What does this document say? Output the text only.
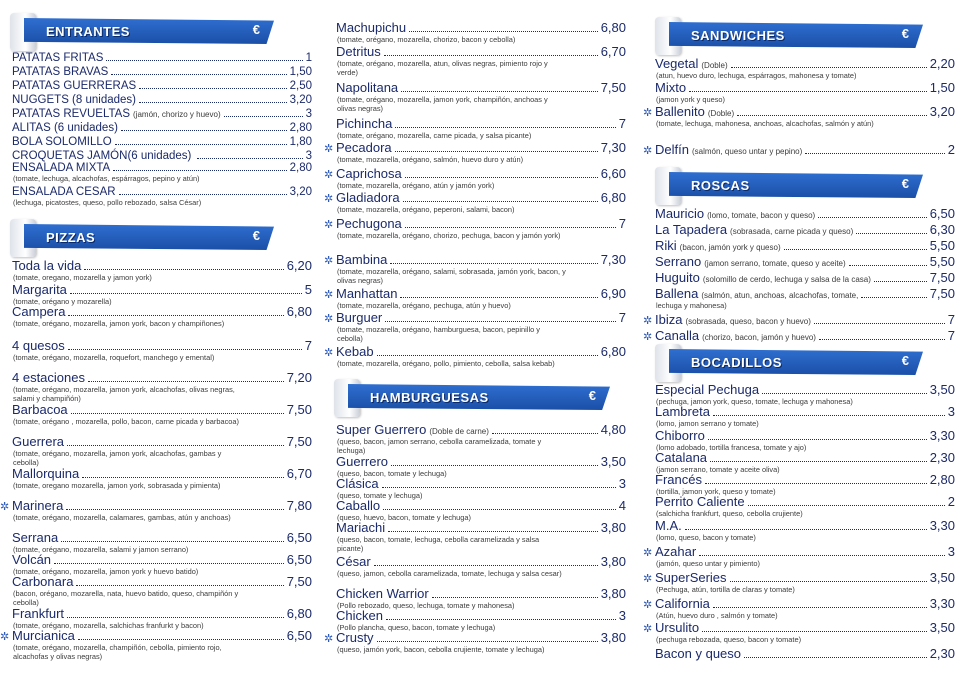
ENTRANTES	€
PATATAS FRITAS	1
PATATAS BRAVAS	1,50
PATATAS GUERRERAS	2,50
NUGGETS (8 unidades)	3,20
PATATAS REVUELTAS (jamón, chorizo y huevo)	3
ALITAS (6 unidades)	2,80
BOLA SOLOMILLO	1,80
CROQUETAS JAMÓN (6 unidades)	3
ENSALADA MIXTA	2,80
(tomate, lechuga, alcachofas, espárragos, pepino y atún)
ENSALADA CESAR	3,20
(lechuga, picatostes, queso, pollo rebozado, salsa César)
PIZZAS	€
Toda la vida	6,20
(tomate, oregano, mozarella y jamon york)
Margarita	5
(tomate, orégano y mozarella)
Campera	6,80
(tomate, orégano, mozarella, jamon york, bacon y champiñones)
4 quesos	7
(tomate, orégano, mozarella, roquefort, manchego y emental)
4 estaciones	7,20
(tomate, orégano, mozarella, jamon york, alcachofas, olivas negras, salami y champiñón)
Barbacoa	7,50
(tomate, orégano , mozarella, pollo, bacon, carne picada y barbacoa)
Guerrera	7,50
(tomate, orégano, mozarella, jamon york, alcachofas, gambas y cebolla)
Mallorquina	6,70
(tomate, oregano mozarella, jamon york, sobrasada y pimienta)
✲ Marinera	7,80
(tomate, orégano, mozarella, calamares, gambas, atún y anchoas)
Serrana	6,50
(tomate, orégano, mozarella, salami y jamon serrano)
Volcán	6,50
(tomate, orégano, mozarella, jamon york y huevo batido)
Carbonara	7,50
(bacon, orégano, mozarella, nata, huevo batido, queso, champiñón y cebolla)
Frankfurt	6,80
(tomate, orégano, mozarella, salchichas franfurkt y bacon)
✲ Murcianica	6,50
(tomate, orégano, mozarella, champiñón, cebolla, pimiento rojo, alcachofas y olivas negras)
Machupichu	6,80
(tomate, orégano, mozarella, chorizo, bacon y cebolla)
Detritus	6,70
(tomate, orégano, mozarella, atun, olivas negras, pimiento rojo y verde)
Napolitana	7,50
(tomate, orégano, mozarella, jamon york, champiñón, anchoas y olivas negras)
Pichincha	7
(tomate, orégano, mozarella, carne picada, y salsa picante)
✲ Pecadora	7,30
(tomate, mozarella, orégano, salmón, huevo duro y atún)
✲ Caprichosa	6,60
(tomate, mozarella, orégano, atún y jamón york)
✲ Gladiadora	6,80
(tomate, mozarella, orégano, peperoni, salami, bacon)
✲ Pechugona	7
(tomate, mozarella, orégano, chorizo, pechuga, bacon y jamón york)
✲ Bambina	7,30
(tomate, mozarella, orégano, salami, sobrasada, jamón york, bacon, y olivas negras)
✲ Manhattan	6,90
(tomate, mozarella, orégano, pechuga, atún y huevo)
✲ Burguer	7
(tomate, mozarella, orégano, hamburguesa, bacon, pepinillo y cebolla)
✲ Kebab	6,80
(tomate, mozarella, orégano, pollo, pimiento, cebolla, salsa kebab)
HAMBURGUESAS	€
Super Guerrero (Doble de carne)	4,80
(queso, bacon, jamon serrano, cebolla caramelizada, tomate y lechuga)
Guerrero	3,50
(queso, bacon, tomate y lechuga)
Clásica	3
(queso, tomate y lechuga)
Caballo	4
(queso, huevo, bacon, tomate y lechuga)
Mariachi	3,80
(queso, bacon, tomate, lechuga, cebolla caramelizada y salsa picante)
César	3,80
(queso, jamon, cebolla caramelizada, tomate, lechuga y salsa cesar)
Chicken Warrior	3,80
(Pollo rebozado, queso, lechuga, tomate y mahonesa)
Chicken	3
(Pollo plancha, queso, bacon, tomate y lechuga)
✲ Crusty	3,80
(queso, jamón york, bacon, cebolla crujiente, tomate y lechuga)
SANDWICHES	€
Vegetal (Doble)	2,20
(atun, huevo duro, lechuga, espárragos, mahonesa y tomate)
Mixto	1,50
(jamon york y queso)
✲ Ballenito (Doble)	3,20
(tomate, lechuga, mahonesa, anchoas, alcachofas, salmón y atún)
✲ Delfín (salmón, queso untar y pepino)	2
ROSCAS	€
Mauricio (lomo, tomate, bacon y queso)	6,50
La Tapadera (sobrasada, carne picada y queso)	6,30
Riki (bacon, jamón york y queso)	5,50
Serrano (jamon serrano, tomate, queso y aceite)	5,50
Huguito (solomillo de cerdo, lechuga y salsa de la casa)	7,50
Ballena (salmón, atun, anchoas, alcachofas, tomate,	7,50
lechuga y mahonesa)
✲ Ibiza (sobrasada, queso, bacon y huevo)	7
✲ Canalla (chorizo, bacon, jamón y huevo)	7
BOCADILLOS	€
Especial Pechuga	3,50
(pechuga, jamon york, queso, tomate, lechuga y mahonesa)
Lambreta	3
(lomo, jamon serrano y tomate)
Chiborro	3,30
(lomo adobado, tortilla francesa, tomate y ajo)
Catalana	2,30
(jamon serrano, tomate y aceite oliva)
Francés	2,80
(tortilla, jamon york, queso y tomate)
Perrito Caliente	2
(salchicha frankfurt, queso, cebolla crujiente)
M.A.	3,30
(lomo, queso, bacon y tomate)
✲ Azahar	3
(jamón, queso untar y pimiento)
✲ SuperSeries	3,50
(Pechuga, atún, tortilla de claras y tomate)
✲ California	3,30
(Atún, huevo duro , salmón y tomate)
✲ Ursulito	3,50
(pechuga rebozada, queso, bacon y tomate)
Bacon y queso	2,30
